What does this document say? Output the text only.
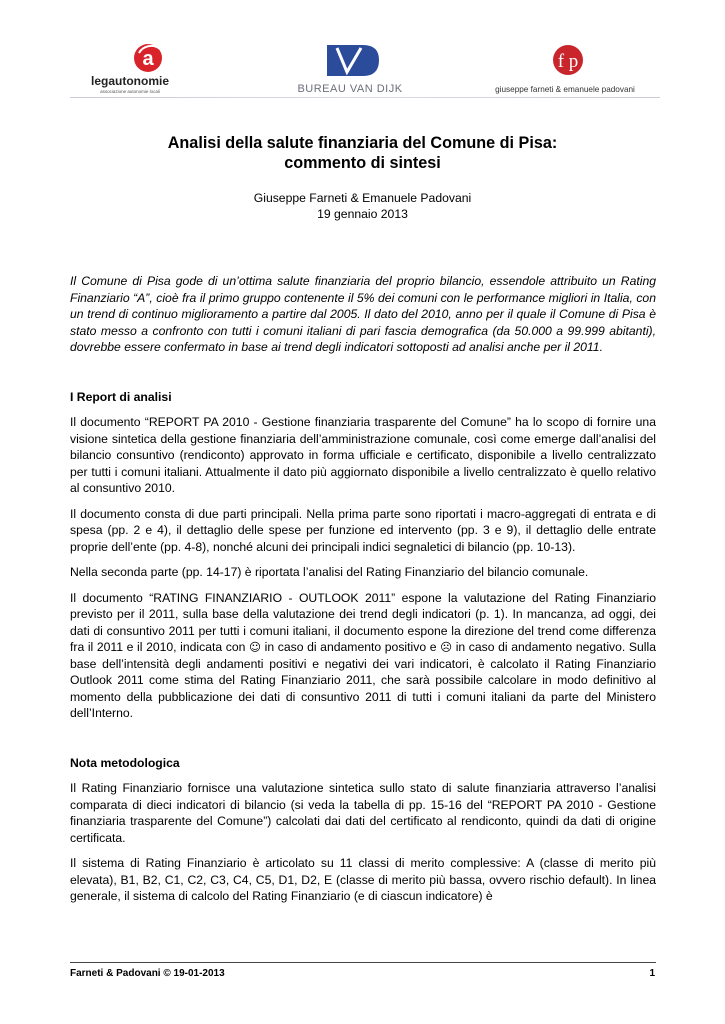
a
legautonomie
associazione autonomie locali	BUREAU VAN DIJK
f p
giuseppe farneti & emanuele padovani
Analisi della salute finanziaria del Comune di Pisa:
commento di sintesi
Giuseppe Farneti & Emanuele Padovani
19 gennaio 2013

Il Comune di Pisa gode di un’ottima salute finanziaria del proprio bilancio, essendole attribuito un Rating Finanziario “A”, cioè fra il primo gruppo contenente il 5% dei comuni con le performance migliori in Italia, con un trend di continuo miglioramento a partire dal 2005. Il dato del 2010, anno per il quale il Comune di Pisa è stato messo a confronto con tutti i comuni italiani di pari fascia demografica (da 50.000 a 99.999 abitanti), dovrebbe essere confermato in base ai trend degli indicatori sottoposti ad analisi anche per il 2011.

I Report di analisi

Il documento “REPORT PA 2010 - Gestione finanziaria trasparente del Comune” ha lo scopo di fornire una visione sintetica della gestione finanziaria dell’amministrazione comunale, così come emerge dall’analisi del bilancio consuntivo (rendiconto) approvato in forma ufficiale e certificato, disponibile a livello centralizzato per tutti i comuni italiani. Attualmente il dato più aggiornato disponibile a livello centralizzato è quello relativo al consuntivo 2010.

Il documento consta di due parti principali. Nella prima parte sono riportati i macro-aggregati di entrata e di spesa (pp. 2 e 4), il dettaglio delle spese per funzione ed intervento (pp. 3 e 9), il dettaglio delle entrate proprie dell’ente (pp. 4-8), nonché alcuni dei principali indici segnaletici di bilancio (pp. 10-13).

Nella seconda parte (pp. 14-17) è riportata l’analisi del Rating Finanziario del bilancio comunale.

Il documento “RATING FINANZIARIO - OUTLOOK 2011” espone la valutazione del Rating Finanziario previsto per il 2011, sulla base della valutazione dei trend degli indicatori (p. 1). In mancanza, ad oggi, dei dati di consuntivo 2011 per tutti i comuni italiani, il documento espone la direzione del trend come differenza fra il 2011 e il 2010, indicata con ☺ in caso di andamento positivo e ☹ in caso di andamento negativo. Sulla base dell’intensità degli andamenti positivi e negativi dei vari indicatori, è calcolato il Rating Finanziario Outlook 2011 come stima del Rating Finanziario 2011, che sarà possibile calcolare in modo definitivo al momento della pubblicazione dei dati di consuntivo 2011 di tutti i comuni italiani da parte del Ministero dell’Interno.

Nota metodologica

Il Rating Finanziario fornisce una valutazione sintetica sullo stato di salute finanziaria attraverso l’analisi comparata di dieci indicatori di bilancio (si veda la tabella di pp. 15-16 del “REPORT PA 2010 - Gestione finanziaria trasparente del Comune”) calcolati dai dati del certificato al rendiconto, quindi da dati di origine certificata.

Il sistema di Rating Finanziario è articolato su 11 classi di merito complessive: A (classe di merito più elevata), B1, B2, C1, C2, C3, C4, C5, D1, D2, E (classe di merito più bassa, ovvero rischio default). In linea generale, il sistema di calcolo del Rating Finanziario (e di ciascun indicatore) è

Farneti & Padovani © 19-01-2013	1
